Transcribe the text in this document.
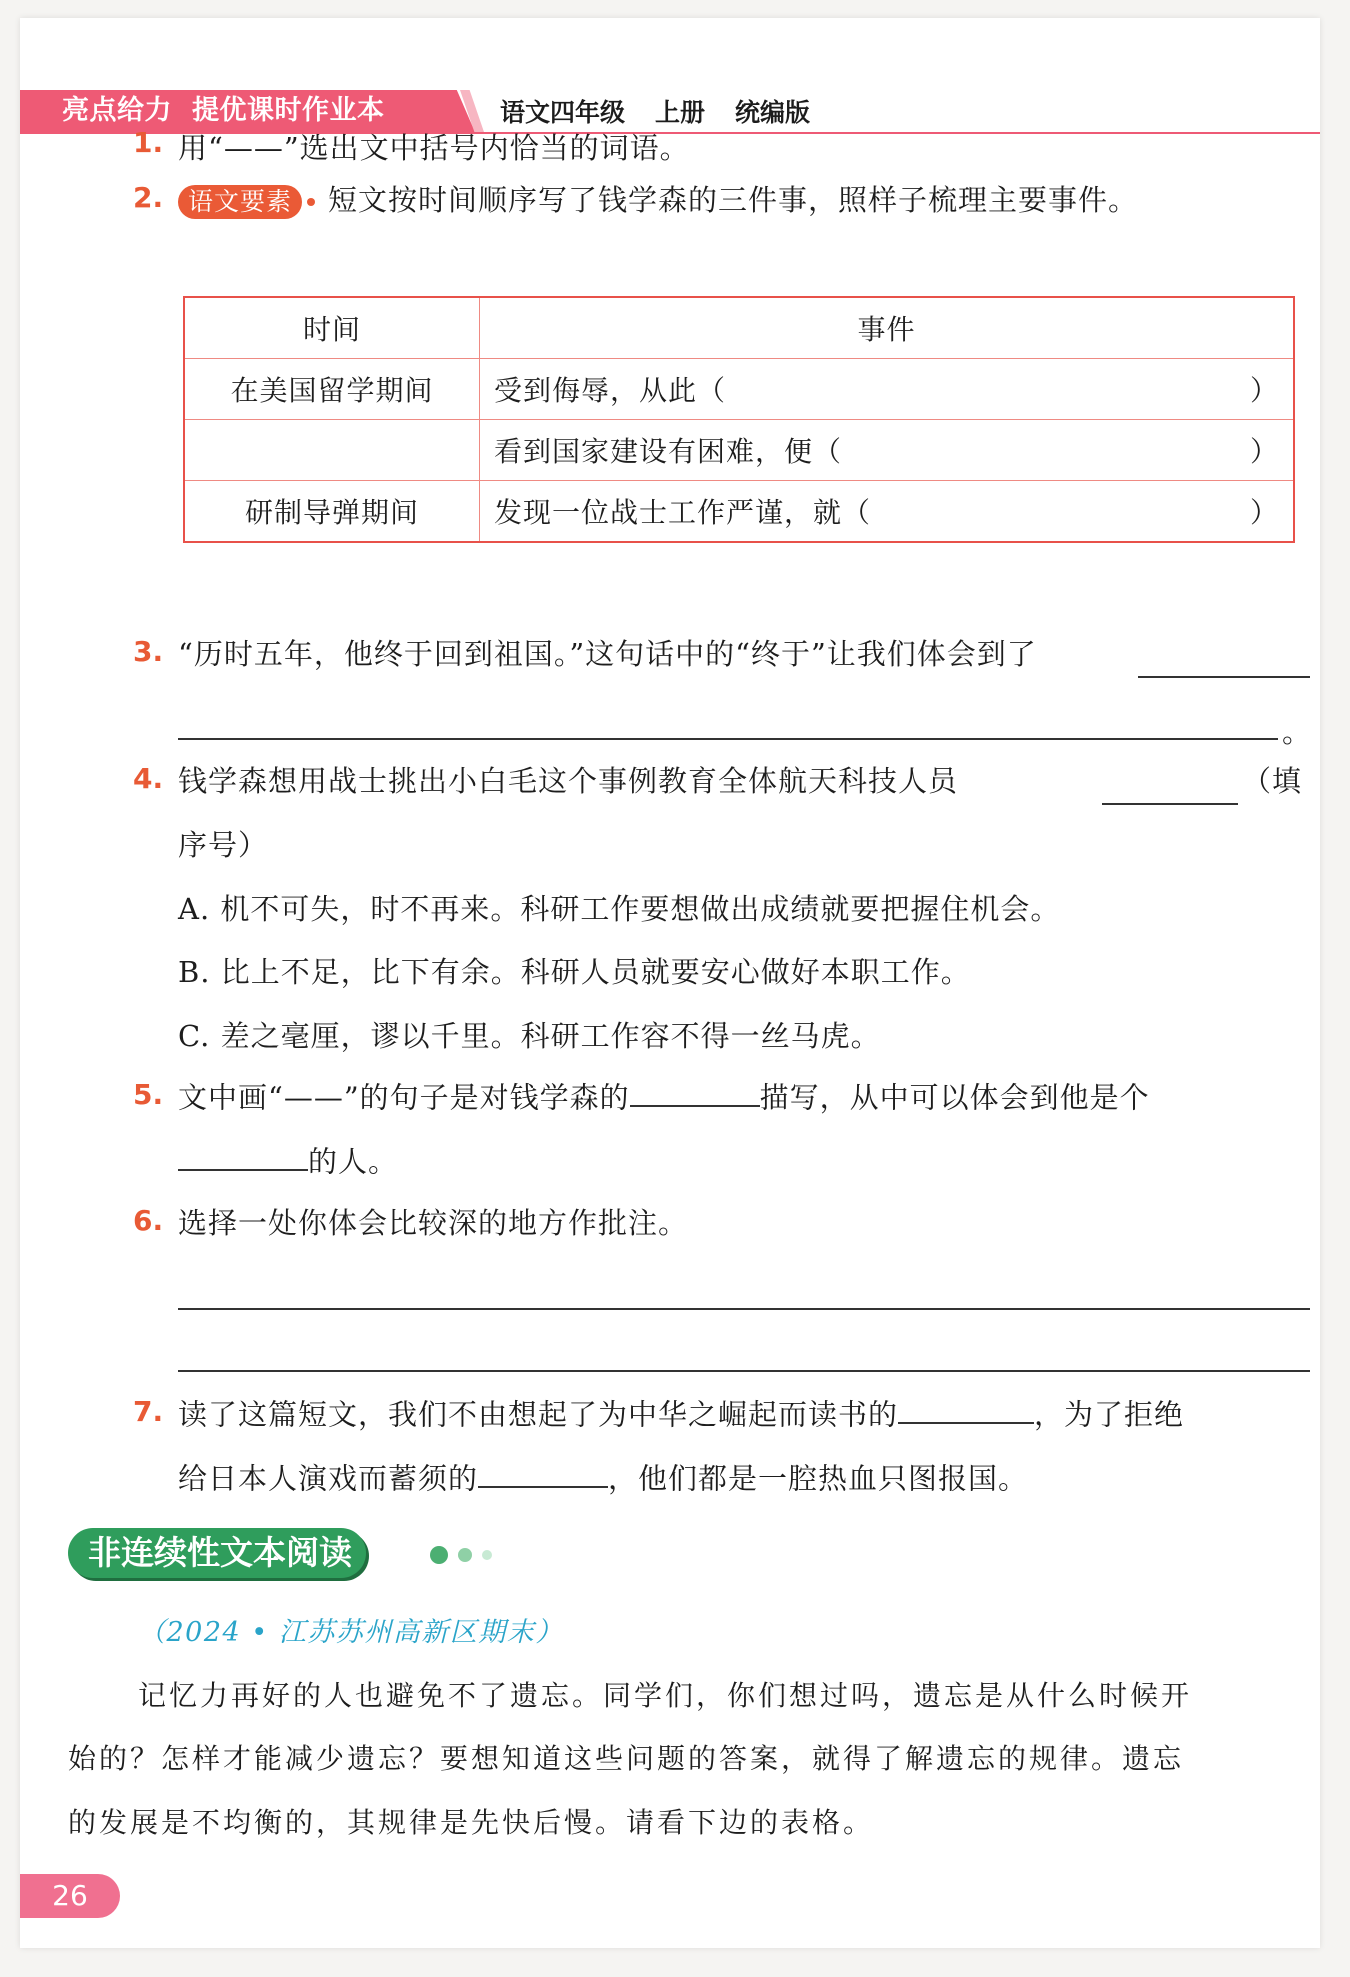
亮点给力 提优课时作业本	语文四年级 上册 统编版
1. 用“——”选出文中括号内恰当的词语。
2. 语文要素 短文按时间顺序写了钱学森的三件事，照样子梳理主要事件。
时间	事件
在美国留学期间	受到侮辱，从此（ ）

	看到国家建设有困难，便（ ）

研制导弹期间	发现一位战士工作严谨，就（ ）
3. “历时五年，他终于回到祖国。”这句话中的“终于”让我们体会到了
。
4. 钱学森想用战士挑出小白毛这个事例教育全体航天科技人员	（填
序号）
A. 机不可失，时不再来。科研工作要想做出成绩就要把握住机会。
B. 比上不足，比下有余。科研人员就要安心做好本职工作。
C. 差之毫厘，谬以千里。科研工作容不得一丝马虎。
5. 文中画“——”的句子是对钱学森的	描写，从中可以体会到他是个
的人。
6. 选择一处你体会比较深的地方作批注。
7. 读了这篇短文，我们不由想起了为中华之崛起而读书的	，为了拒绝
给日本人演戏而蓄须的	，他们都是一腔热血只图报国。
非连续性文本阅读
（2024 • 江苏苏州高新区期末）
记忆力再好的人也避免不了遗忘。同学们，你们想过吗，遗忘是从什么时候开
始的？怎样才能减少遗忘？要想知道这些问题的答案，就得了解遗忘的规律。遗忘
的发展是不均衡的，其规律是先快后慢。请看下边的表格。
26
